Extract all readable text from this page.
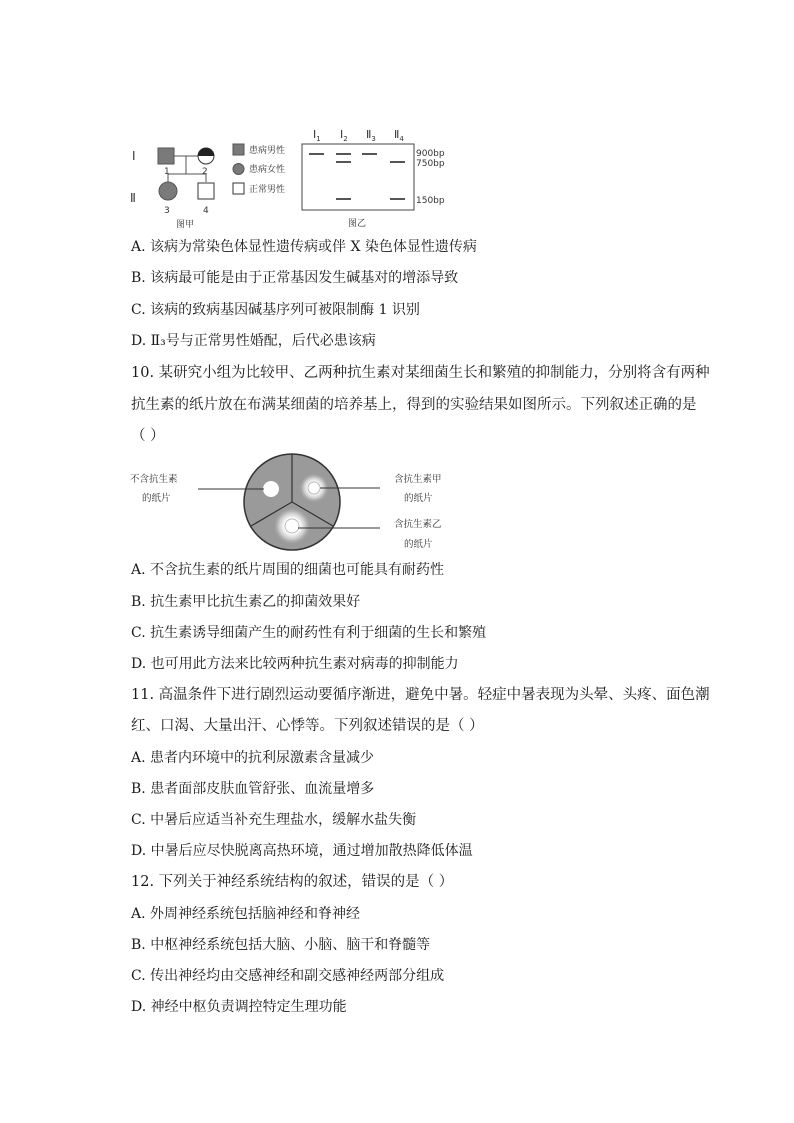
I
Ⅱ
1	2
3	4
图甲
患病男性
患病女性
正常男性
$I_1$ $I_2$ $Ⅱ_3$ $Ⅱ_4$
900bp
750bp
150bp
图乙
A. 该病为常染色体显性遗传病或伴 X 染色体显性遗传病
B. 该病最可能是由于正常基因发生碱基对的增添导致
C. 该病的致病基因碱基序列可被限制酶 1 识别
D. Ⅱ₃号与正常男性婚配，后代必患该病
10. 某研究小组为比较甲、乙两种抗生素对某细菌生长和繁殖的抑制能力，分别将含有两种
抗生素的纸片放在布满某细菌的培养基上，得到的实验结果如图所示。下列叙述正确的是
（ ）
不含抗生素
的纸片
含抗生素甲
的纸片
含抗生素乙
的纸片
A. 不含抗生素的纸片周围的细菌也可能具有耐药性
B. 抗生素甲比抗生素乙的抑菌效果好
C. 抗生素诱导细菌产生的耐药性有利于细菌的生长和繁殖
D. 也可用此方法来比较两种抗生素对病毒的抑制能力
11. 高温条件下进行剧烈运动要循序渐进，避免中暑。轻症中暑表现为头晕、头疼、面色潮
红、口渴、大量出汗、心悸等。下列叙述错误的是（ ）
A. 患者内环境中的抗利尿激素含量减少
B. 患者面部皮肤血管舒张、血流量增多
C. 中暑后应适当补充生理盐水，缓解水盐失衡
D. 中暑后应尽快脱离高热环境，通过增加散热降低体温
12. 下列关于神经系统结构的叙述，错误的是（ ）
A. 外周神经系统包括脑神经和脊神经
B. 中枢神经系统包括大脑、小脑、脑干和脊髓等
C. 传出神经均由交感神经和副交感神经两部分组成
D. 神经中枢负责调控特定生理功能
